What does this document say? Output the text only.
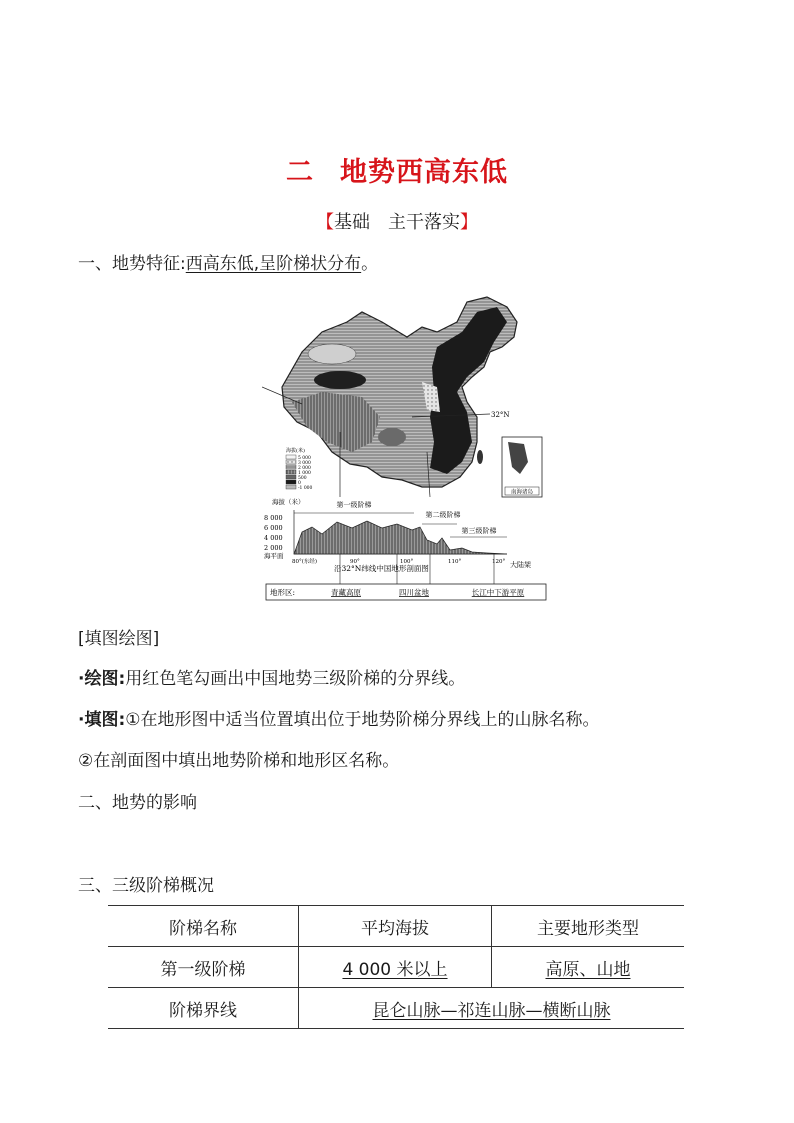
二 地势西高东低
【基础　主干落实】
一、地势特征:西高东低,呈阶梯状分布。
32°N
海拔(米)
5 000
3 000
2 000
1 000
500
0
-1 000
南海诸岛
海拔（米）
8 000
6 000
4 000
2 000
海平面
第一级阶梯
第二级阶梯
第三级阶梯
80°(东经)	90°	100°	110°	120° 大陆架
沿32°N纬线中国地形剖面图
地形区:	青藏高原	四川盆地	长江中下游平原
[填图绘图]
·绘图:用红色笔勾画出中国地势三级阶梯的分界线。
·填图:①在地形图中适当位置填出位于地势阶梯分界线上的山脉名称。
②在剖面图中填出地势阶梯和地形区名称。
二、地势的影响
三、三级阶梯概况
阶梯名称	平均海拔	主要地形类型
第一级阶梯	4 000 米以上	高原、山地
阶梯界线	昆仑山脉—祁连山脉—横断山脉	
